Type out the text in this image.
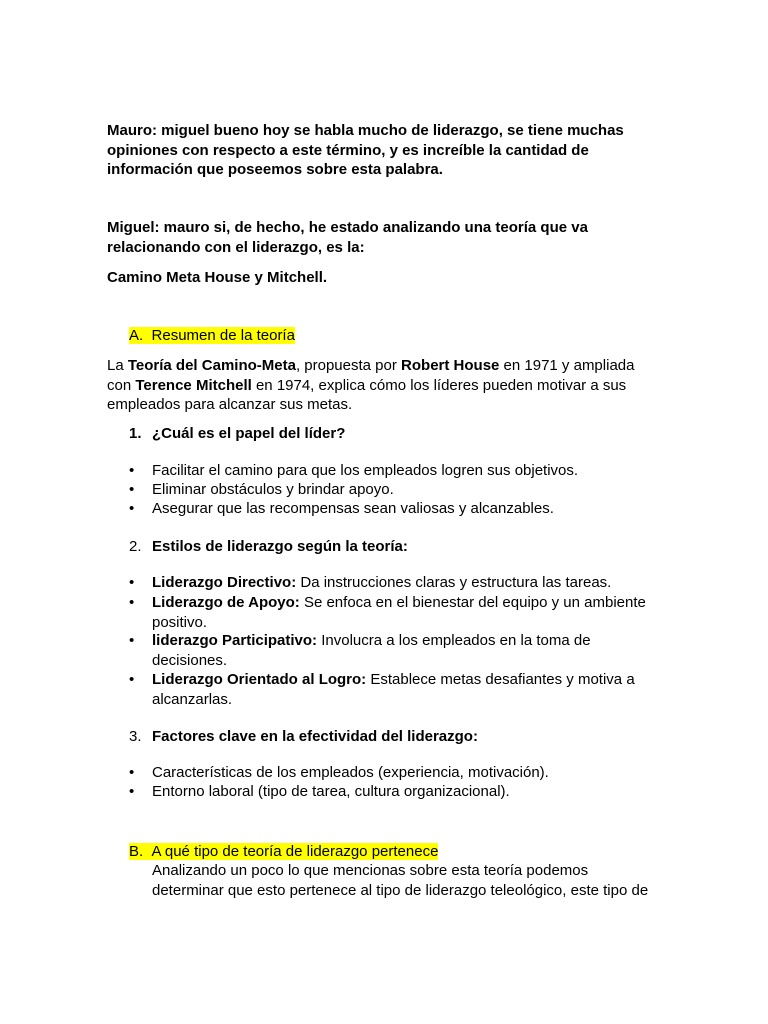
Mauro: miguel bueno hoy se habla mucho de liderazgo, se tiene muchas
opiniones con respecto a este término, y es increíble la cantidad de
información que poseemos sobre esta palabra.
Miguel: mauro si, de hecho, he estado analizando una teoría que va
relacionando con el liderazgo, es la:
Camino Meta House y Mitchell.
A. Resumen de la teoría
La Teoría del Camino-Meta, propuesta por Robert House en 1971 y ampliada
con Terence Mitchell en 1974, explica cómo los líderes pueden motivar a sus
empleados para alcanzar sus metas.
1. ¿Cuál es el papel del líder?
•	Facilitar el camino para que los empleados logren sus objetivos.
•	Eliminar obstáculos y brindar apoyo.
•	Asegurar que las recompensas sean valiosas y alcanzables.
2. Estilos de liderazgo según la teoría:
•	Liderazgo Directivo: Da instrucciones claras y estructura las tareas.
•	Liderazgo de Apoyo: Se enfoca en el bienestar del equipo y un ambiente
positivo.
•	liderazgo Participativo: Involucra a los empleados en la toma de
decisiones.
•	Liderazgo Orientado al Logro: Establece metas desafiantes y motiva a
alcanzarlas.
3. Factores clave en la efectividad del liderazgo:
•	Características de los empleados (experiencia, motivación).
•	Entorno laboral (tipo de tarea, cultura organizacional).
B. A qué tipo de teoría de liderazgo pertenece
Analizando un poco lo que mencionas sobre esta teoría podemos
determinar que esto pertenece al tipo de liderazgo teleológico, este tipo de
